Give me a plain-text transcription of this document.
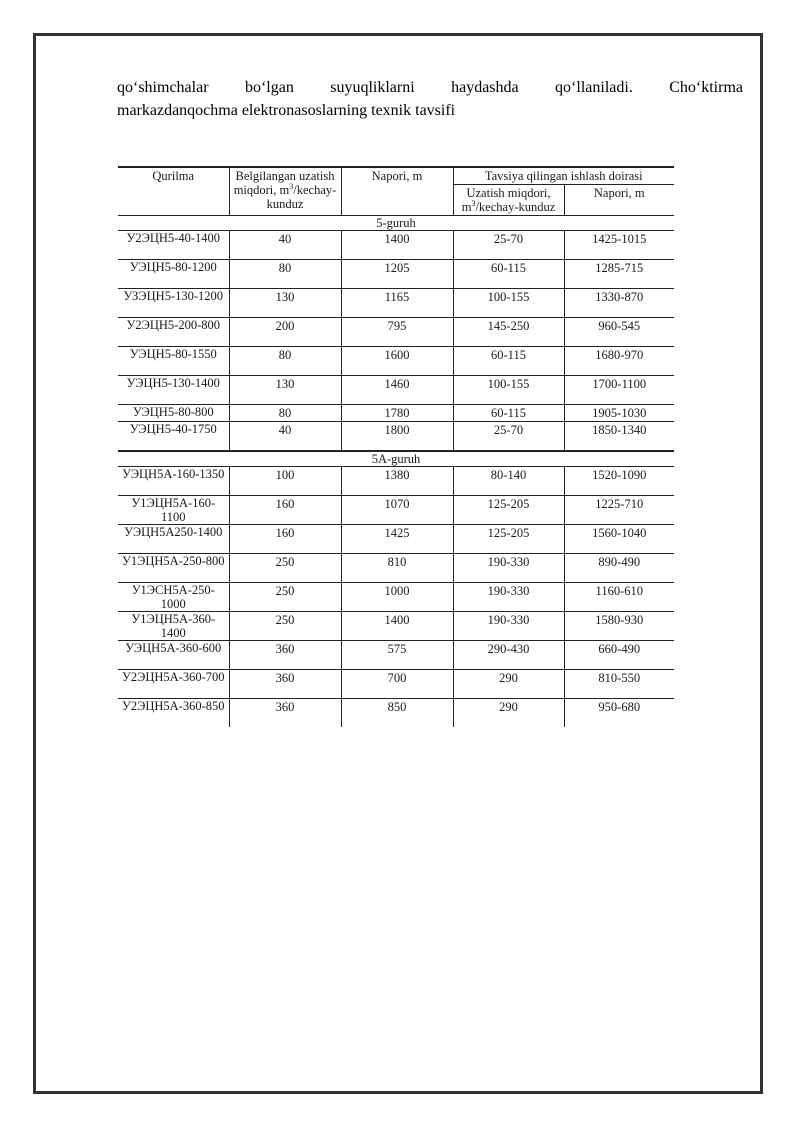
qo‘shimchalar bo‘lgan suyuqliklarni haydashda qo‘llaniladi. Cho‘ktirma
markazdanqochma elektronasoslarning texnik tavsifi
Qurilma	Belgilangan uzatish miqdori, $m^3/kechay$-kunduz	Napori, m	Tavsiya qilingan ishlash doirasi	
			Uzatish miqdori, $m^3/kechay$-kunduz	Napori, m
5-guruh				
У2ЭЦН5-40-1400	40	1400	25-70	1425-1015
УЭЦН5-80-1200	80	1205	60-115	1285-715
УЗЭЦН5-130-1200	130	1165	100-155	1330-870
У2ЭЦН5-200-800	200	795	145-250	960-545
УЭЦН5-80-1550	80	1600	60-115	1680-970
УЭЦН5-130-1400	130	1460	100-155	1700-1100
УЭЦН5-80-800	80	1780	60-115	1905-1030
УЭЦН5-40-1750	40	1800	25-70	1850-1340
5A-guruh				
УЭЦН5А-160-1350	100	1380	80-140	1520-1090
У1ЭЦН5А-160-1100	160	1070	125-205	1225-710
УЭЦН5А250-1400	160	1425	125-205	1560-1040
У1ЭЦН5А-250-800	250	810	190-330	890-490
У1ЭСН5А-250-1000	250	1000	190-330	1160-610
У1ЭЦН5А-360-1400	250	1400	190-330	1580-930
УЭЦН5А-360-600	360	575	290-430	660-490
У2ЭЦН5А-360-700	360	700	290	810-550
У2ЭЦН5А-360-850	360	850	290	950-680
